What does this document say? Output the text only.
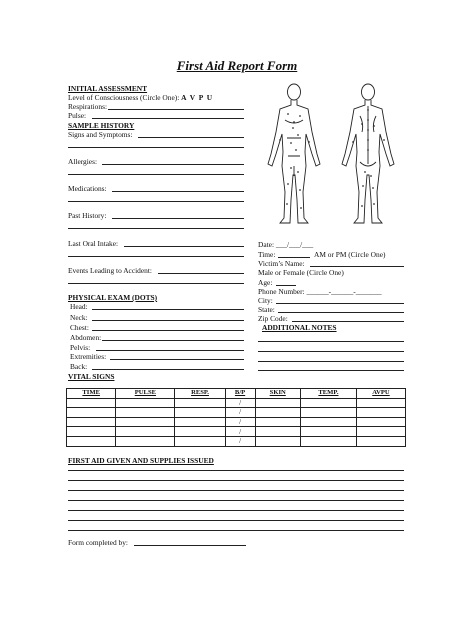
First Aid Report Form
INITIAL ASSESSMENT
Level of Consciousness (Circle One): A V P U
Respirations:
Pulse:
SAMPLE HISTORY
Signs and Symptoms:
Allergies:
Medications:
Past History:
Last Oral Intake:
Events Leading to Accident:
PHYSICAL EXAM (DOTS)
Head:
Neck:
Chest:
Abdomen:
Pelvis:
Extremities:
Back:
Date: ___/___/___
Time:	AM or PM (Circle One)
Victim’s Name:
Male or Female (Circle One)
Age:
Phone Number: ______-______-_______
City:
State:
Zip Code:
ADDITIONAL NOTES
VITAL SIGNS
TIME	PULSE	RESP.	B/P	SKIN	TEMP.	AVPU
			/			
			/			
			/			
			/			
			/			
FIRST AID GIVEN AND SUPPLIES ISSUED
Form completed by:
